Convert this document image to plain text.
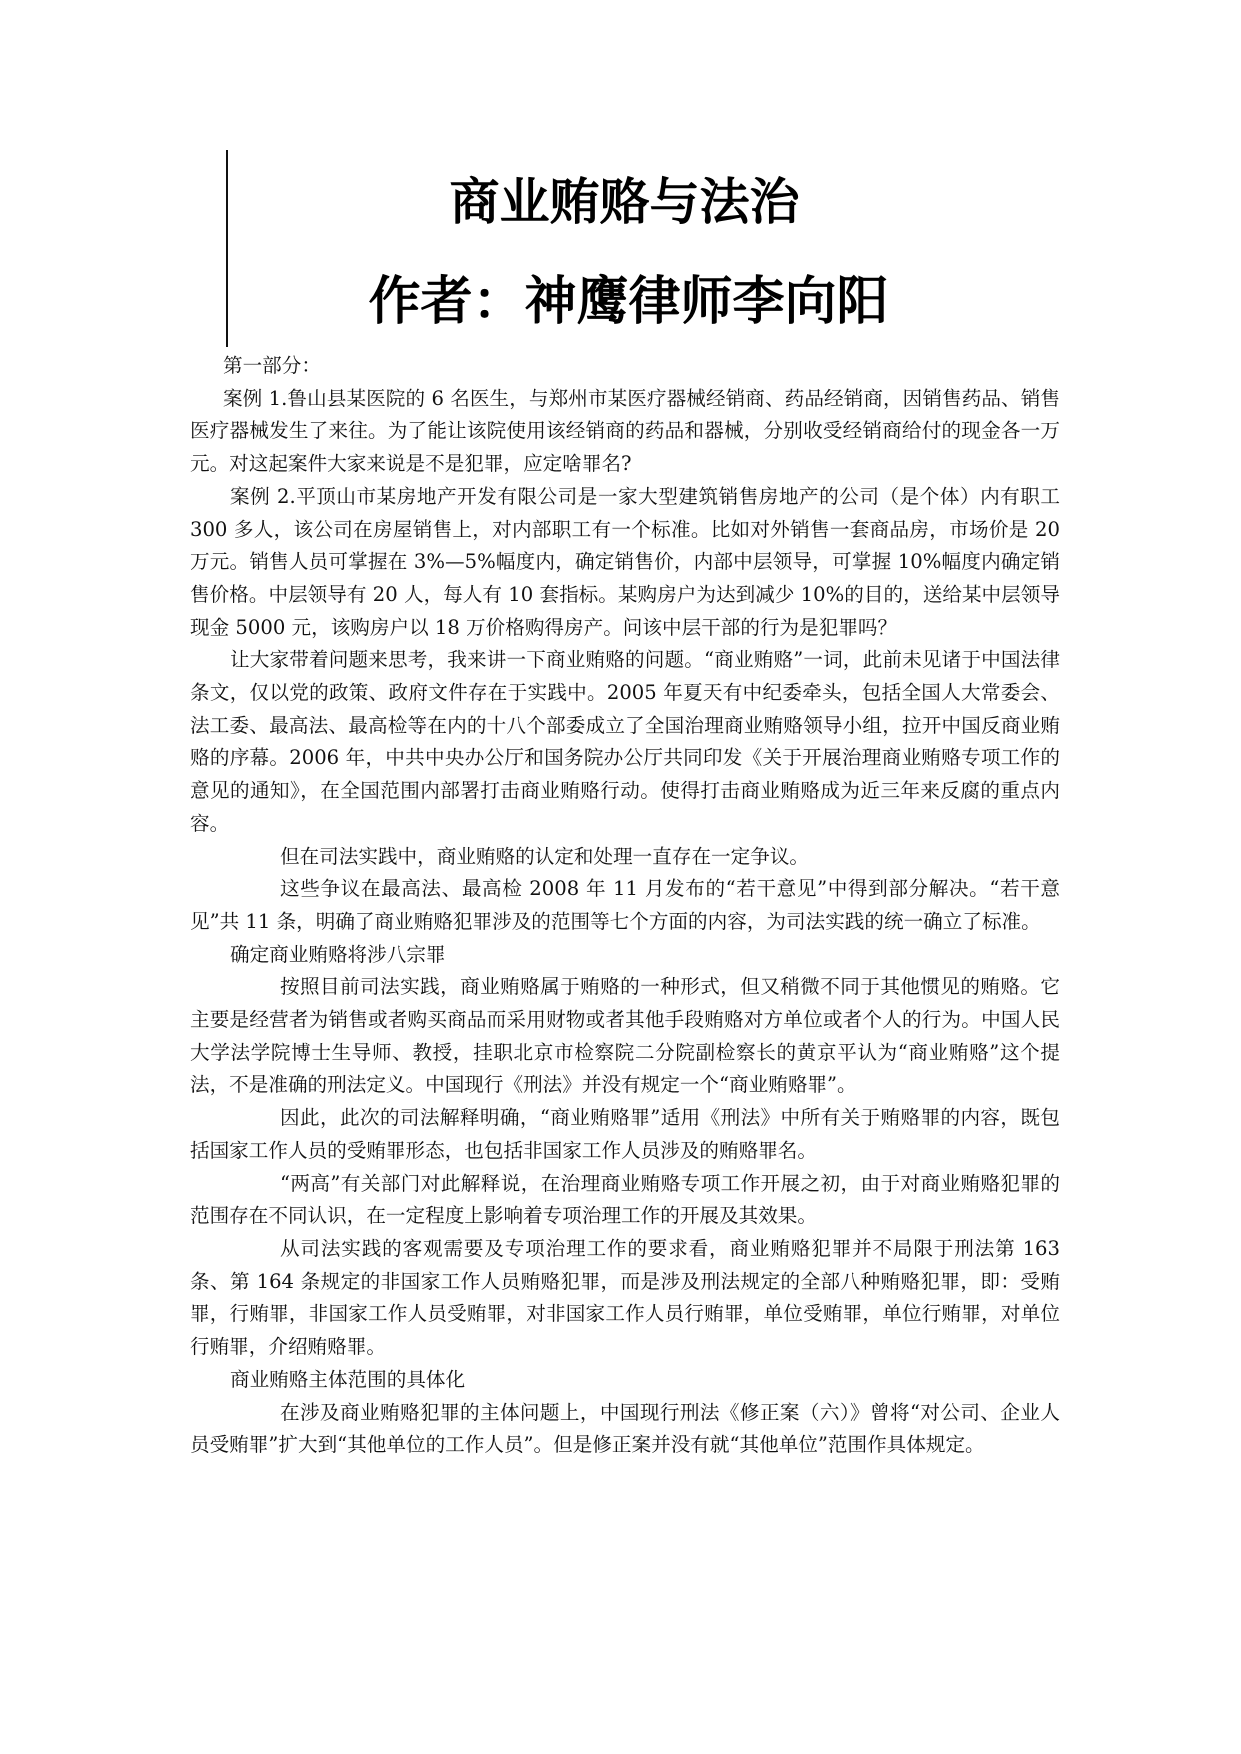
商业贿赂与法治
作者：神鹰律师李向阳

第一部分：

案例 1.鲁山县某医院的 6 名医生，与郑州市某医疗器械经销商、药品经销商，因销售药品、销售医疗器械发生了来往。为了能让该院使用该经销商的药品和器械，分别收受经销商给付的现金各一万元。对这起案件大家来说是不是犯罪，应定啥罪名?

案例 2.平顶山市某房地产开发有限公司是一家大型建筑销售房地产的公司（是个体）内有职工 300 多人，该公司在房屋销售上，对内部职工有一个标准。比如对外销售一套商品房，市场价是 20 万元。销售人员可掌握在 3%—5%幅度内，确定销售价，内部中层领导，可掌握 10%幅度内确定销售价格。中层领导有 20 人，每人有 10 套指标。某购房户为达到减少 10%的目的，送给某中层领导现金 5000 元，该购房户以 18 万价格购得房产。问该中层干部的行为是犯罪吗？

让大家带着问题来思考，我来讲一下商业贿赂的问题。“商业贿赂”一词，此前未见诸于中国法律条文，仅以党的政策、政府文件存在于实践中。2005 年夏天有中纪委牵头，包括全国人大常委会、法工委、最高法、最高检等在内的十八个部委成立了全国治理商业贿赂领导小组，拉开中国反商业贿赂的序幕。2006 年，中共中央办公厅和国务院办公厅共同印发《关于开展治理商业贿赂专项工作的意见的通知》，在全国范围内部署打击商业贿赂行动。使得打击商业贿赂成为近三年来反腐的重点内容。

但在司法实践中，商业贿赂的认定和处理一直存在一定争议。

这些争议在最高法、最高检 2008 年 11 月发布的“若干意见”中得到部分解决。“若干意见”共 11 条，明确了商业贿赂犯罪涉及的范围等七个方面的内容，为司法实践的统一确立了标准。

确定商业贿赂将涉八宗罪

按照目前司法实践，商业贿赂属于贿赂的一种形式，但又稍微不同于其他惯见的贿赂。它主要是经营者为销售或者购买商品而采用财物或者其他手段贿赂对方单位或者个人的行为。中国人民大学法学院博士生导师、教授，挂职北京市检察院二分院副检察长的黄京平认为“商业贿赂”这个提法，不是准确的刑法定义。中国现行《刑法》并没有规定一个“商业贿赂罪”。

因此，此次的司法解释明确，“商业贿赂罪”适用《刑法》中所有关于贿赂罪的内容，既包括国家工作人员的受贿罪形态，也包括非国家工作人员涉及的贿赂罪名。

“两高”有关部门对此解释说，在治理商业贿赂专项工作开展之初，由于对商业贿赂犯罪的范围存在不同认识，在一定程度上影响着专项治理工作的开展及其效果。

从司法实践的客观需要及专项治理工作的要求看，商业贿赂犯罪并不局限于刑法第 163 条、第 164 条规定的非国家工作人员贿赂犯罪，而是涉及刑法规定的全部八种贿赂犯罪，即：受贿罪，行贿罪，非国家工作人员受贿罪，对非国家工作人员行贿罪，单位受贿罪，单位行贿罪，对单位行贿罪，介绍贿赂罪。

商业贿赂主体范围的具体化

在涉及商业贿赂犯罪的主体问题上，中国现行刑法《修正案（六）》曾将“对公司、企业人员受贿罪”扩大到“其他单位的工作人员”。但是修正案并没有就“其他单位”范围作具体规定。
